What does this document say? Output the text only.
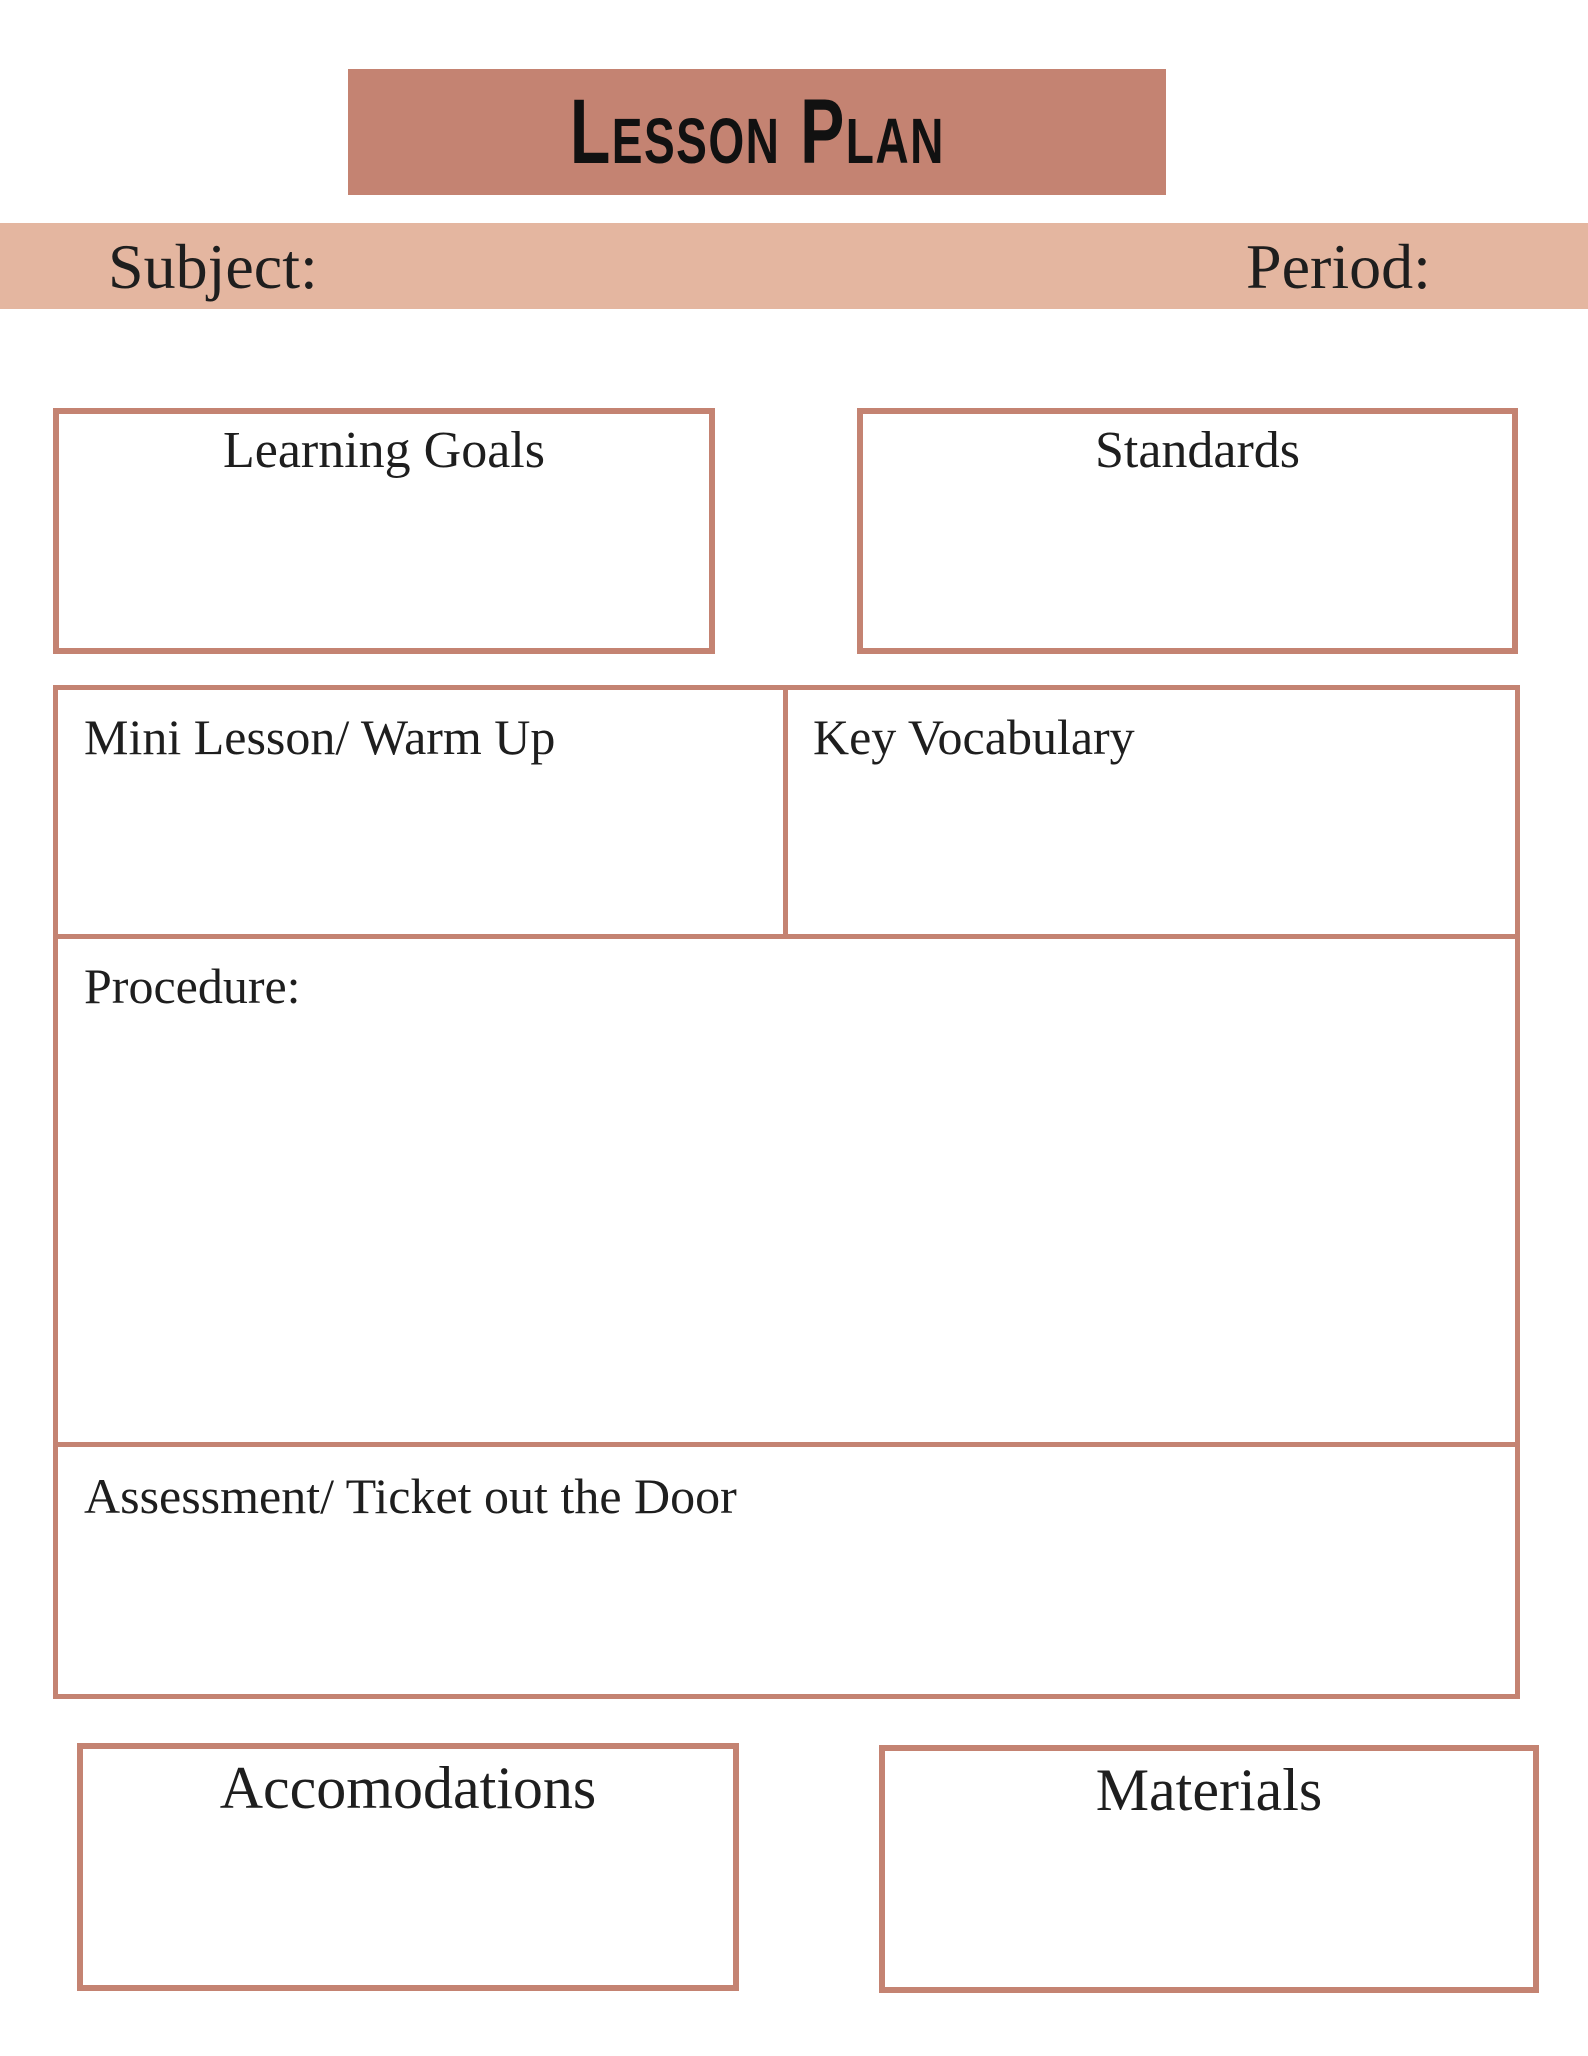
Lesson Plan
Subject:	Period:
Learning Goals	Standards
Mini Lesson/ Warm Up	Key Vocabulary
Procedure:
Assessment/ Ticket out the Door
Accomodations	Materials
